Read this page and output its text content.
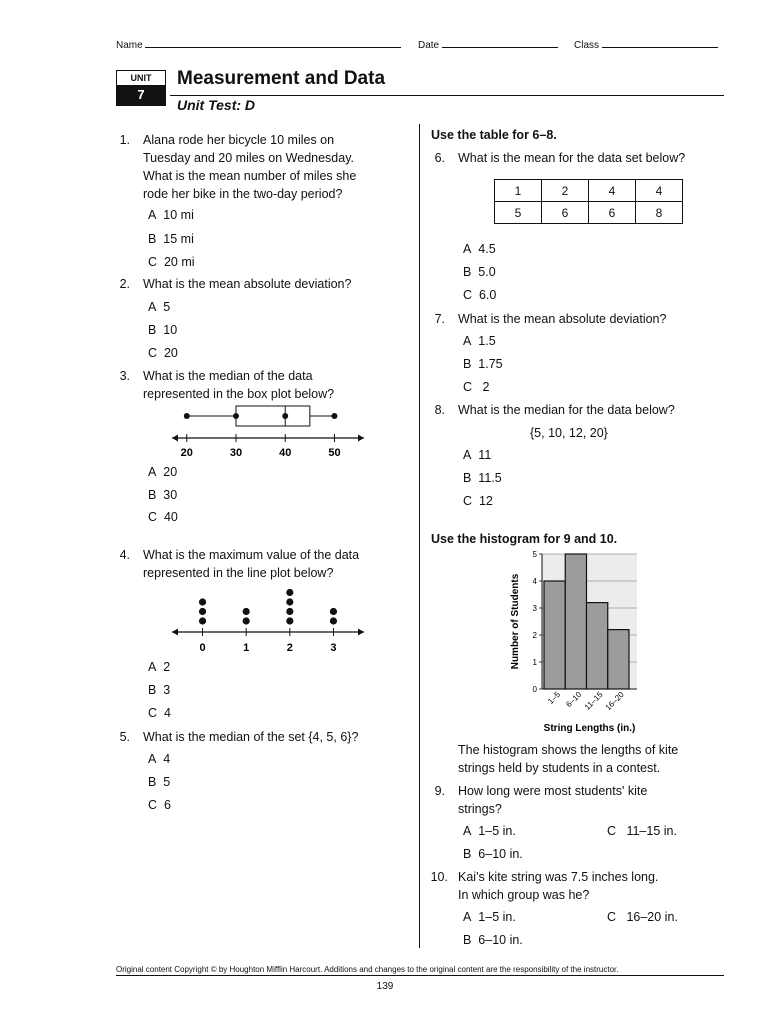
Name	Date	Class
UNIT
7
Measurement and Data
Unit Test: D
1. Alana rode her bicycle 10 miles on
Tuesday and 20 miles on Wednesday.
What is the mean number of miles she
rode her bike in the two-day period?
A 10 mi
B 15 mi
C 20 mi
2. What is the mean absolute deviation?
A 5
B 10
C 20
3. What is the median of the data
represented in the box plot below?
20	30	40	50
A 20
B 30
C 40
4. What is the maximum value of the data
represented in the line plot below?
0	1	2	3
A 2
B 3
C 4
5. What is the median of the set {4, 5, 6}?
A 4
B 5
C 6
Use the table for 6–8.
6. What is the mean for the data set below?
1	2	4	4
5	6	6	8
A 4.5
B 5.0
C 6.0
7. What is the mean absolute deviation?
A 1.5
B 1.75
C 2
8. What is the median for the data below?
{5, 10, 12, 20}
A 11
B 11.5
C 12
Use the histogram for 9 and 10.
0
1
2
3
4
5
1–5 6–10 11–15 16–20
Number of Students
String Lengths (in.)
The histogram shows the lengths of kite
strings held by students in a contest.
9. How long were most students' kite
strings?
A 1–5 in.	C 11–15 in.
B 6–10 in.
10. Kai's kite string was 7.5 inches long.
In which group was he?
A 1–5 in.	C 16–20 in.
B 6–10 in.
Original content Copyright © by Houghton Mifflin Harcourt. Additions and changes to the original content are the responsibility of the instructor.
139
